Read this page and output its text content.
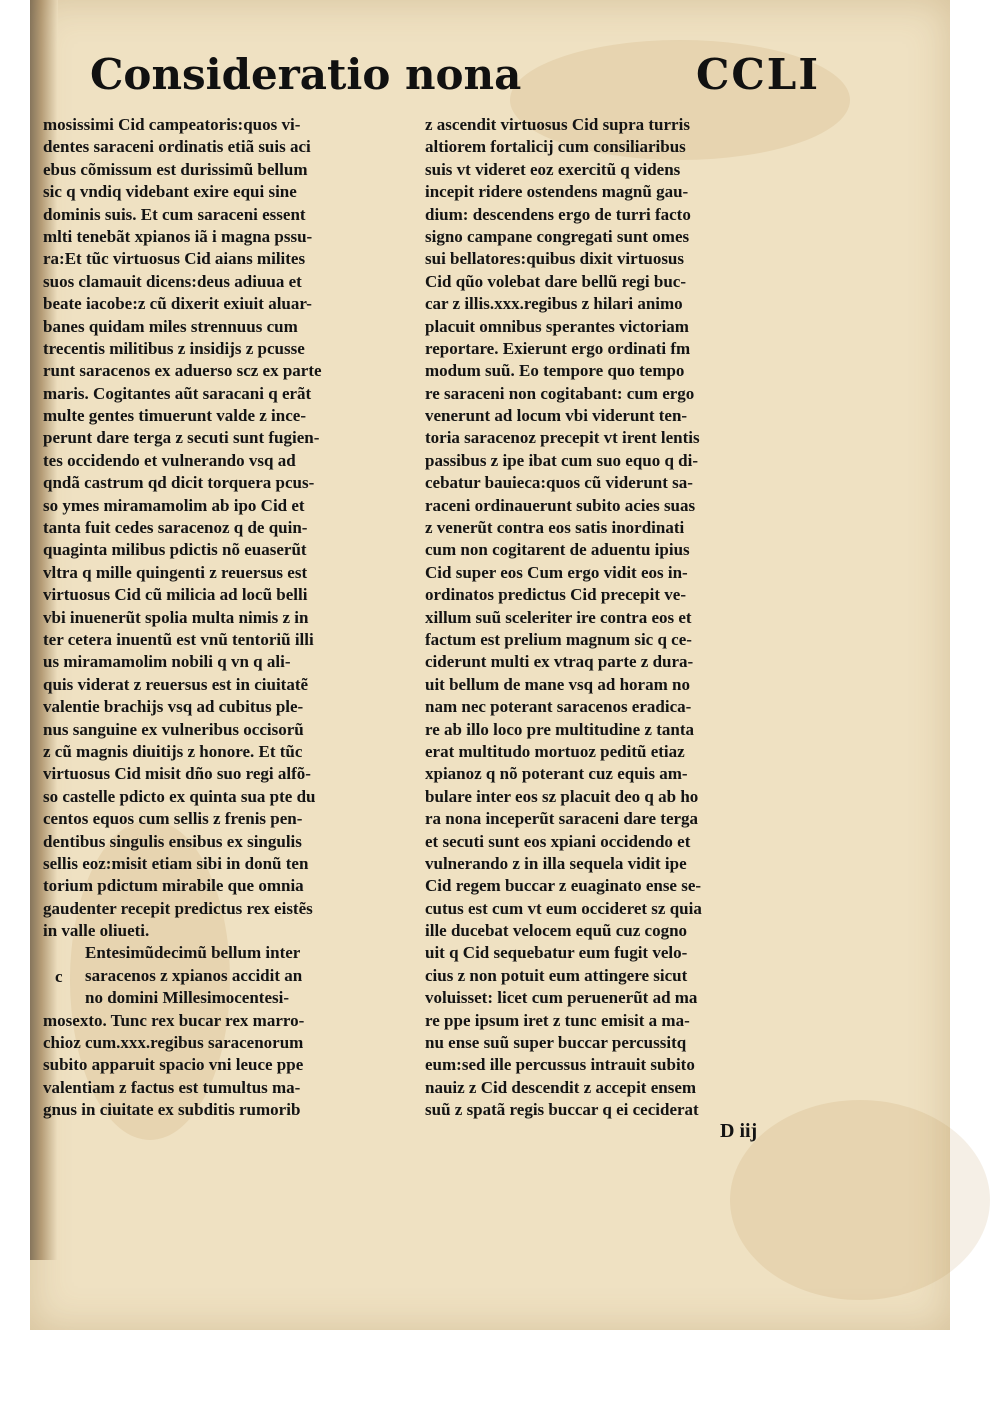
Consideratio nona	CCLI
mosissimi Cid campeatoris:quos vi-
dentes saraceni ordinatis etiã suis aci
ebus cõmissum est durissimũ bellum
sic q vndiq videbant exire equi sine
dominis suis. Et cum saraceni essent
mlti tenebãt xpianos iã i magna pssu-
ra:Et tũc virtuosus Cid aians milites
suos clamauit dicens:deus adiuua et
beate iacobe:z cũ dixerit exiuit aluar-
banes quidam miles strennuus cum
trecentis militibus z insidijs z pcusse
runt saracenos ex aduerso scz ex parte
maris. Cogitantes aũt saracani q erãt
multe gentes timuerunt valde z ince-
perunt dare terga z secuti sunt fugien-
tes occidendo et vulnerando vsq ad
qndã castrum qd dicit torquera pcus-
so ymes miramamolim ab ipo Cid et
tanta fuit cedes saracenoz q de quin-
quaginta milibus pdictis nõ euaserũt
vltra q mille quingenti z reuersus est
virtuosus Cid cũ milicia ad locũ belli
vbi inuenerũt spolia multa nimis z in
ter cetera inuentũ est vnũ tentoriũ illi
us miramamolim nobili q vn q ali-
quis viderat z reuersus est in ciuitatẽ
valentie brachijs vsq ad cubitus ple-
nus sanguine ex vulneribus occisorũ
z cũ magnis diuitijs z honore. Et tũc
virtuosus Cid misit dño suo regi alfõ-
so castelle pdicto ex quinta sua pte du
centos equos cum sellis z frenis pen-
dentibus singulis ensibus ex singulis
sellis eoz:misit etiam sibi in donũ ten
torium pdictum mirabile que omnia
gaudenter recepit predictus rex eistẽs
in valle oliueti.
Entesimũdecimũ bellum inter
saracenos z xpianos accidit an
no domini Millesimocentesi-
mosexto. Tunc rex bucar rex marro-
chioz cum.xxx.regibus saracenorum
subito apparuit spacio vni leuce ppe
valentiam z factus est tumultus ma-
gnus in ciuitate ex subditis rumorib
z ascendit virtuosus Cid supra turris
altiorem fortalicij cum consiliaribus
suis vt videret eoz exercitũ q videns
incepit ridere ostendens magnũ gau-
dium: descendens ergo de turri facto
signo campane congregati sunt omes
sui bellatores:quibus dixit virtuosus
Cid qũo volebat dare bellũ regi buc-
car z illis.xxx.regibus z hilari animo
placuit omnibus sperantes victoriam
reportare. Exierunt ergo ordinati fm
modum suũ. Eo tempore quo tempo
re saraceni non cogitabant: cum ergo
venerunt ad locum vbi viderunt ten-
toria saracenoz precepit vt irent lentis
passibus z ipe ibat cum suo equo q di-
cebatur bauieca:quos cũ viderunt sa-
raceni ordinauerunt subito acies suas
z venerũt contra eos satis inordinati
cum non cogitarent de aduentu ipius
Cid super eos Cum ergo vidit eos in-
ordinatos predictus Cid precepit ve-
xillum suũ sceleriter ire contra eos et
factum est prelium magnum sic q ce-
ciderunt multi ex vtraq parte z dura-
uit bellum de mane vsq ad horam no
nam nec poterant saracenos eradica-
re ab illo loco pre multitudine z tanta
erat multitudo mortuoz peditũ etiaz
xpianoz q nõ poterant cuz equis am-
bulare inter eos sz placuit deo q ab ho
ra nona inceperũt saraceni dare terga
et secuti sunt eos xpiani occidendo et
vulnerando z in illa sequela vidit ipe
Cid regem buccar z euaginato ense se-
cutus est cum vt eum occideret sz quia
ille ducebat velocem equũ cuz cogno
uit q Cid sequebatur eum fugit velo-
cius z non potuit eum attingere sicut
voluisset: licet cum peruenerũt ad ma
re ppe ipsum iret z tunc emisit a ma-
nu ense suũ super buccar percussitq
eum:sed ille percussus intrauit subito
nauiz z Cid descendit z accepit ensem
suũ z spatã regis buccar q ei ceciderat
c
D iij
